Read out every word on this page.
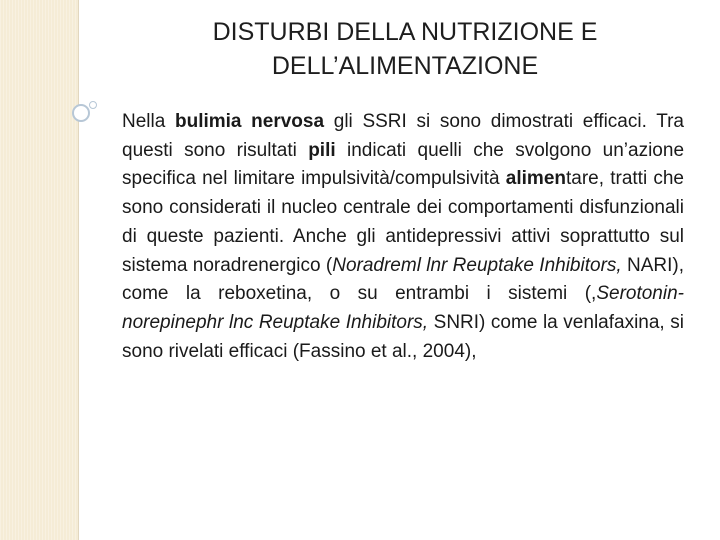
DISTURBI DELLA NUTRIZIONE E
DELL’ALIMENTAZIONE

Nella bulimia nervosa gli SSRI si sono dimostrati efficaci. Tra questi sono risultati pili indicati quelli che svolgono un’azione specifica nel limitare impulsività/compulsività alimentare, tratti che sono considerati il nucleo centrale dei comportamenti disfunzionali di queste pazienti. Anche gli antidepressivi attivi soprattutto sul sistema noradrenergico (Noradreml lnr Reuptake Inhibitors, NARI), come la reboxetina, o su entrambi i sistemi (,Serotonin-norepinephr lnc Reuptake Inhibitors, SNRI) come la venlafaxina, si sono rivelati efficaci (Fassino et al., 2004),
